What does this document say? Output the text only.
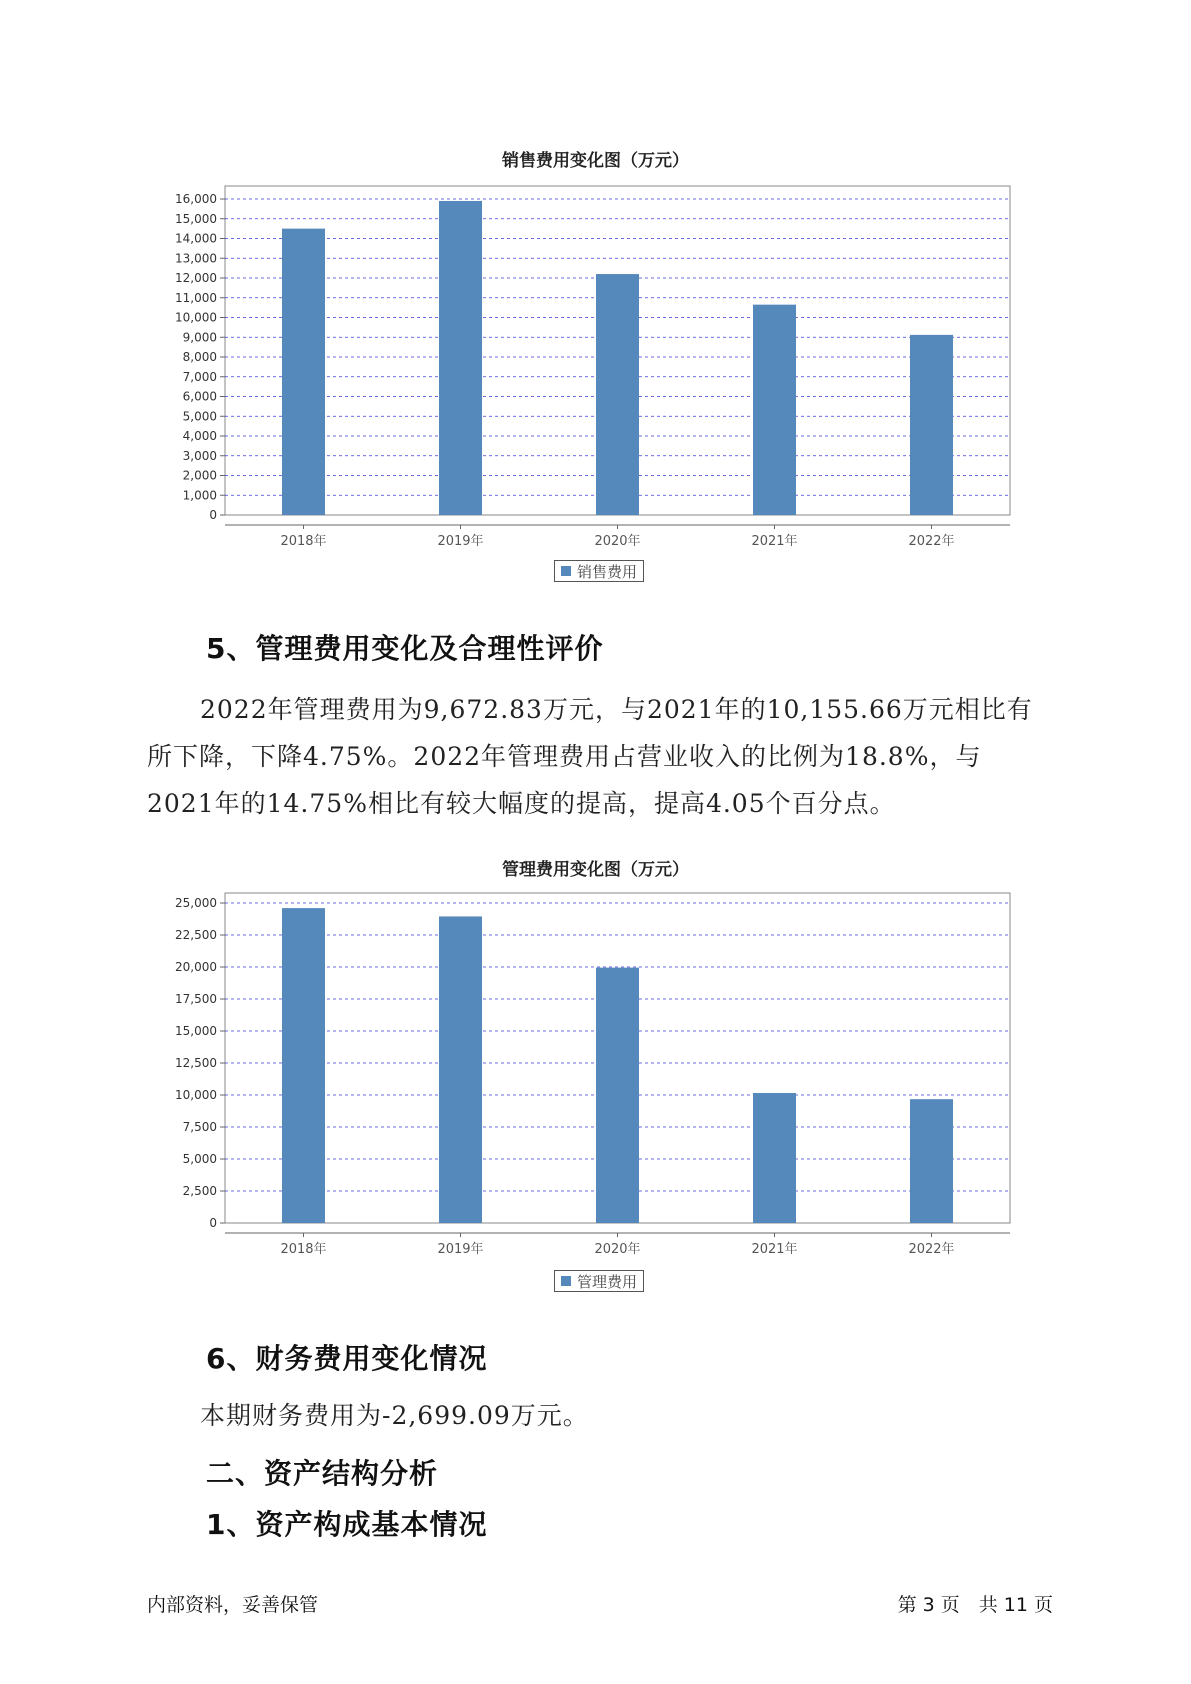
销售费用变化图（万元）
0
1,000
2,000
3,000
4,000
5,000
6,000
7,000
8,000
9,000
10,000
11,000
12,000
13,000
14,000
15,000
16,000
2018年	2019年	2020年	2021年	2022年
销售费用
5、管理费用变化及合理性评价

2022年管理费用为9,672.83万元，与2021年的10,155.66万元相比有所下降，下降4.75%。2022年管理费用占营业收入的比例为18.8%，与2021年的14.75%相比有较大幅度的提高，提高4.05个百分点。

管理费用变化图（万元）
0
2,500
5,000
7,500
10,000
12,500
15,000
17,500
20,000
22,500
25,000
2018年	2019年	2020年	2021年	2022年
管理费用
6、财务费用变化情况

本期财务费用为-2,699.09万元。

二、资产结构分析
1、资产构成基本情况
内部资料，妥善保管	第 3 页　共 11 页
